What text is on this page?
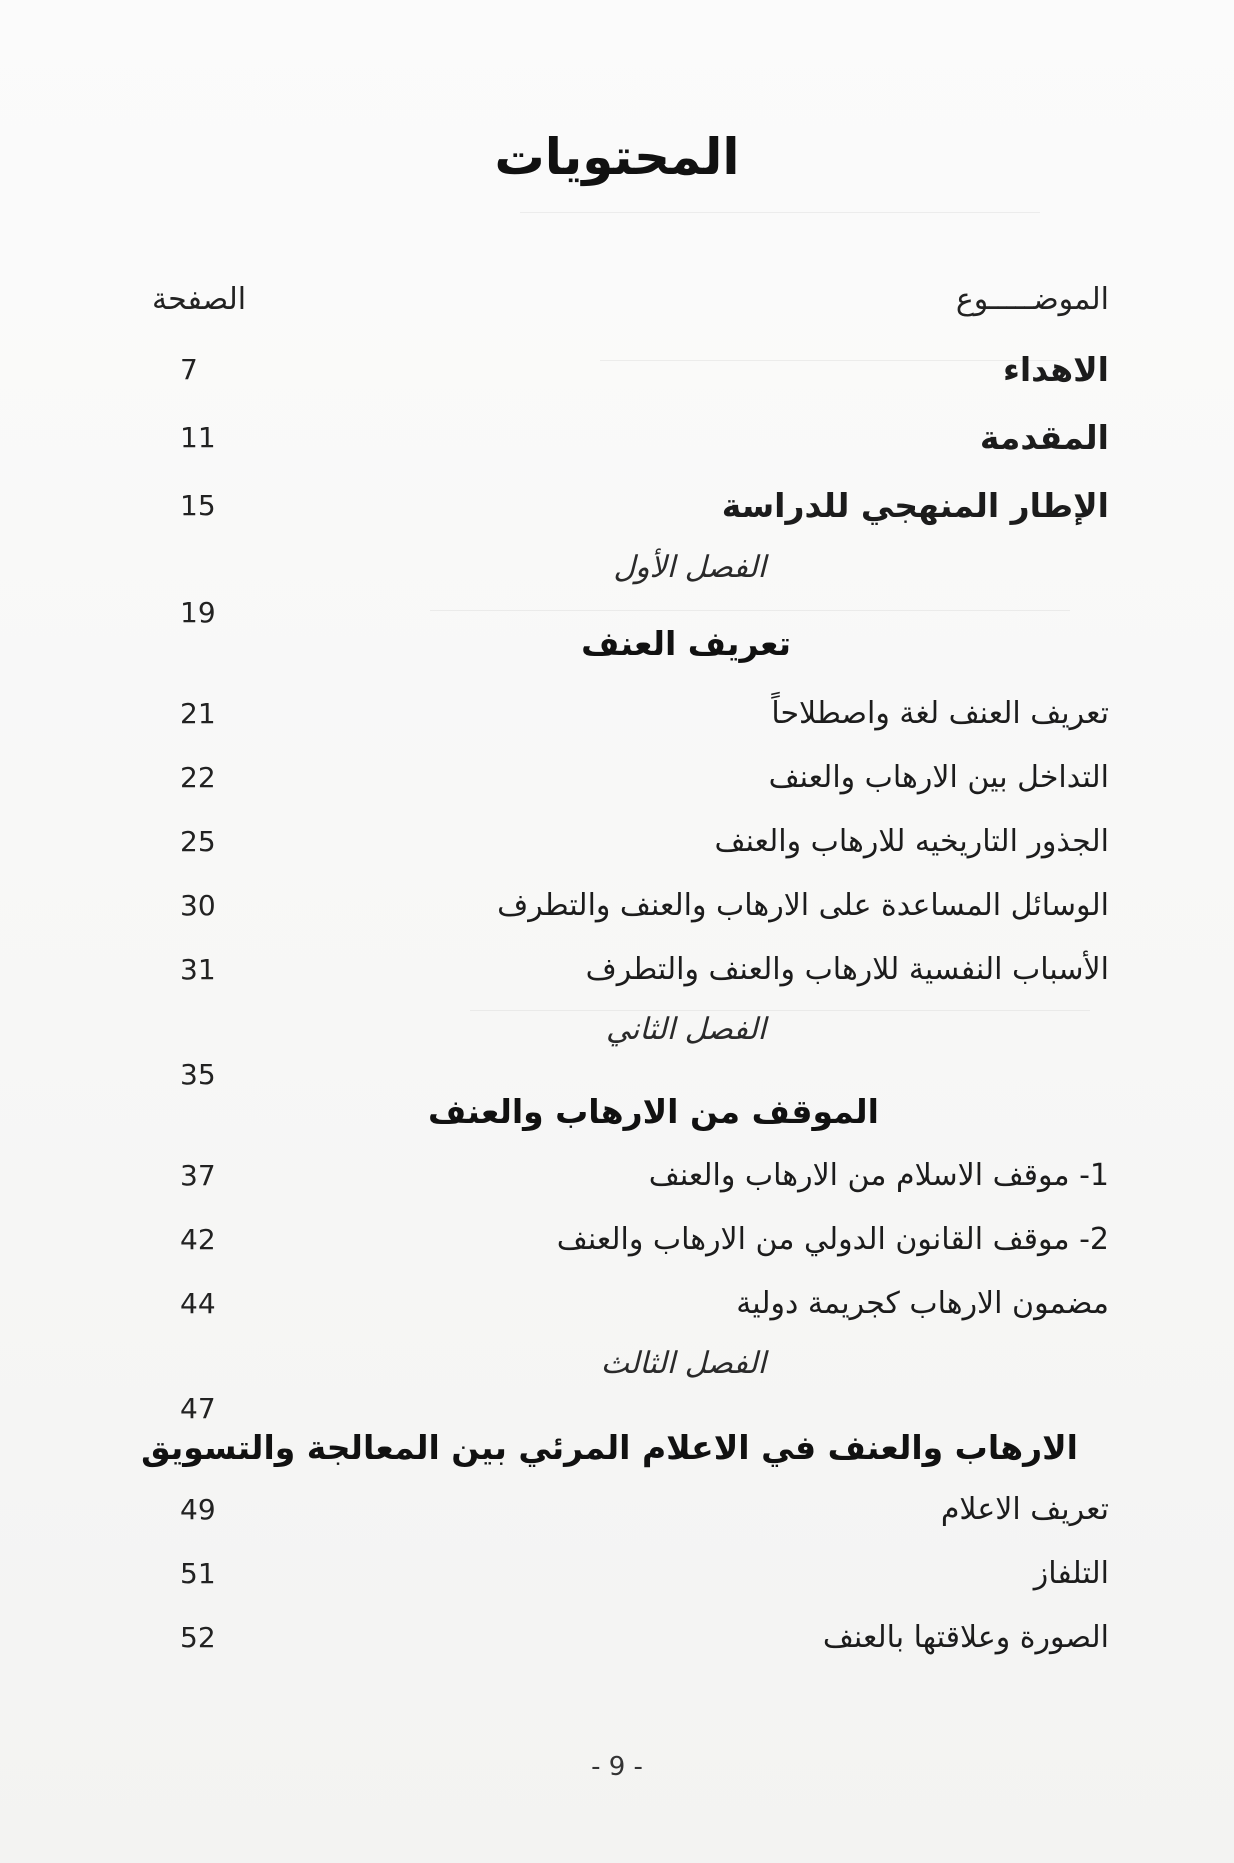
المحتويات
الموضـــــوع
الصفحة
الاهداء
7
المقدمة
11
الإطار المنهجي للدراسة
15
الفصل الأول
19
تعريف العنف
تعريف العنف لغة واصطلاحاً
21
التداخل بين الارهاب والعنف
22
الجذور التاريخيه للارهاب والعنف
25
الوسائل المساعدة على الارهاب والعنف والتطرف
30
الأسباب النفسية للارهاب والعنف والتطرف
31
الفصل الثاني
35
الموقف من الارهاب والعنف
1- موقف الاسلام من الارهاب والعنف
37
2- موقف القانون الدولي من الارهاب والعنف
42
مضمون الارهاب كجريمة دولية
44
الفصل الثالث
47
الارهاب والعنف في الاعلام المرئي بين المعالجة والتسويق
تعريف الاعلام
49
التلفاز
51
الصورة وعلاقتها بالعنف
52
- 9 -
